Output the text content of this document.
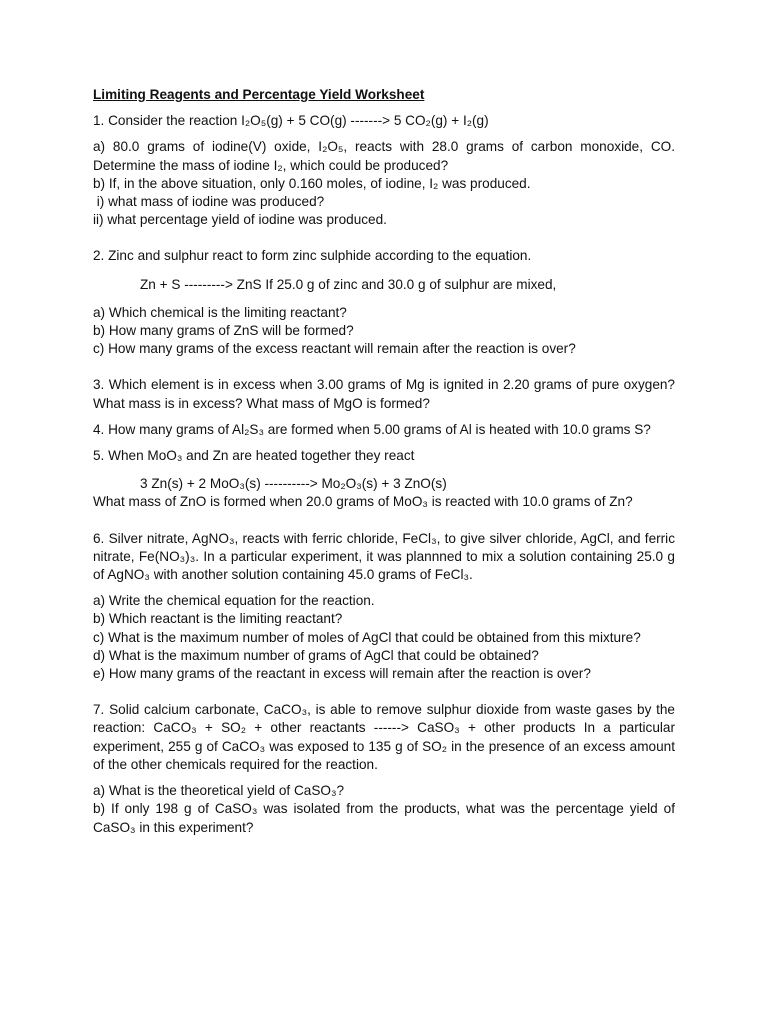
Limiting Reagents and Percentage Yield Worksheet
1. Consider the reaction I₂O₅(g) + 5 CO(g) -------> 5 CO₂(g) + I₂(g)
a) 80.0 grams of iodine(V) oxide, I₂O₅, reacts with 28.0 grams of carbon monoxide, CO. Determine the mass of iodine I₂, which could be produced?
b) If, in the above situation, only 0.160 moles, of iodine, I₂ was produced.
i) what mass of iodine was produced?
ii) what percentage yield of iodine was produced.
2. Zinc and sulphur react to form zinc sulphide according to the equation.
Zn + S ---------> ZnS If 25.0 g of zinc and 30.0 g of sulphur are mixed,
a) Which chemical is the limiting reactant?
b) How many grams of ZnS will be formed?
c) How many grams of the excess reactant will remain after the reaction is over?
3. Which element is in excess when 3.00 grams of Mg is ignited in 2.20 grams of pure oxygen? What mass is in excess? What mass of MgO is formed?
4. How many grams of Al₂S₃ are formed when 5.00 grams of Al is heated with 10.0 grams S?
5. When MoO₃ and Zn are heated together they react
3 Zn(s) + 2 MoO₃(s) ----------> Mo₂O₃(s) + 3 ZnO(s)
What mass of ZnO is formed when 20.0 grams of MoO₃ is reacted with 10.0 grams of Zn?
6. Silver nitrate, AgNO₃, reacts with ferric chloride, FeCl₃, to give silver chloride, AgCl, and ferric nitrate, Fe(NO₃)₃. In a particular experiment, it was plannned to mix a solution containing 25.0 g of AgNO₃ with another solution containing 45.0 grams of FeCl₃.
a) Write the chemical equation for the reaction.
b) Which reactant is the limiting reactant?
c) What is the maximum number of moles of AgCl that could be obtained from this mixture?
d) What is the maximum number of grams of AgCl that could be obtained?
e) How many grams of the reactant in excess will remain after the reaction is over?
7. Solid calcium carbonate, CaCO₃, is able to remove sulphur dioxide from waste gases by the reaction: CaCO₃ + SO₂ + other reactants ------> CaSO₃ + other products In a particular experiment, 255 g of CaCO₃ was exposed to 135 g of SO₂ in the presence of an excess amount of the other chemicals required for the reaction.
a) What is the theoretical yield of CaSO₃?
b) If only 198 g of CaSO₃ was isolated from the products, what was the percentage yield of CaSO₃ in this experiment?
